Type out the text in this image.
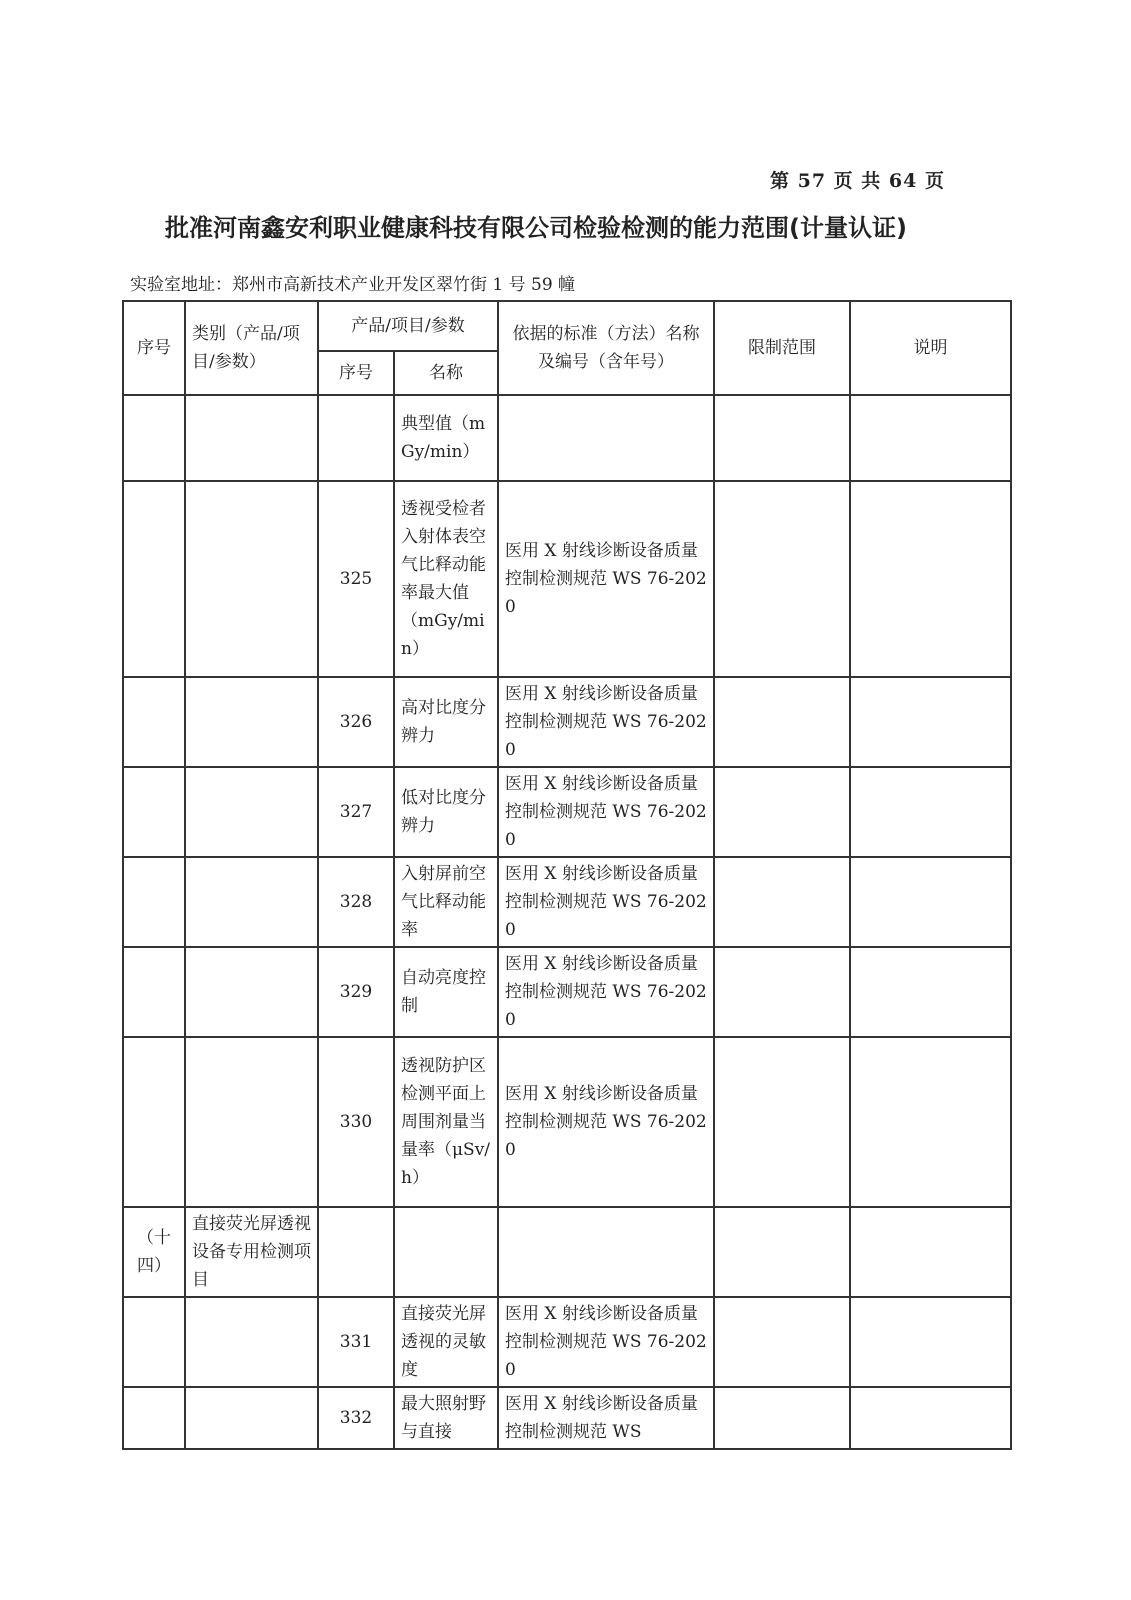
第 57 页 共 64 页
批准河南鑫安利职业健康科技有限公司检验检测的能力范围(计量认证)
实验室地址：郑州市高新技术产业开发区翠竹街 1 号 59 幢
序号	类别（产品/项目/参数）	产品/项目/参数		依据的标准（方法）名称及编号（含年号）	限制范围	说明
		序号	名称			
			典型值（mGy/min）			
		325	透视受检者入射体表空气比释动能率最大值（mGy/min）	医用 X 射线诊断设备质量控制检测规范 WS 76-2020		
		326	高对比度分辨力	医用 X 射线诊断设备质量控制检测规范 WS 76-2020		
		327	低对比度分辨力	医用 X 射线诊断设备质量控制检测规范 WS 76-2020		
		328	入射屏前空气比释动能率	医用 X 射线诊断设备质量控制检测规范 WS 76-2020		
		329	自动亮度控制	医用 X 射线诊断设备质量控制检测规范 WS 76-2020		
		330	透视防护区检测平面上周围剂量当量率（μSv/h）	医用 X 射线诊断设备质量控制检测规范 WS 76-2020		
（十四）	直接荧光屏透视设备专用检测项目					
		331	直接荧光屏透视的灵敏度	医用 X 射线诊断设备质量控制检测规范 WS 76-2020		
		332	最大照射野与直接	医用 X 射线诊断设备质量控制检测规范 WS		
